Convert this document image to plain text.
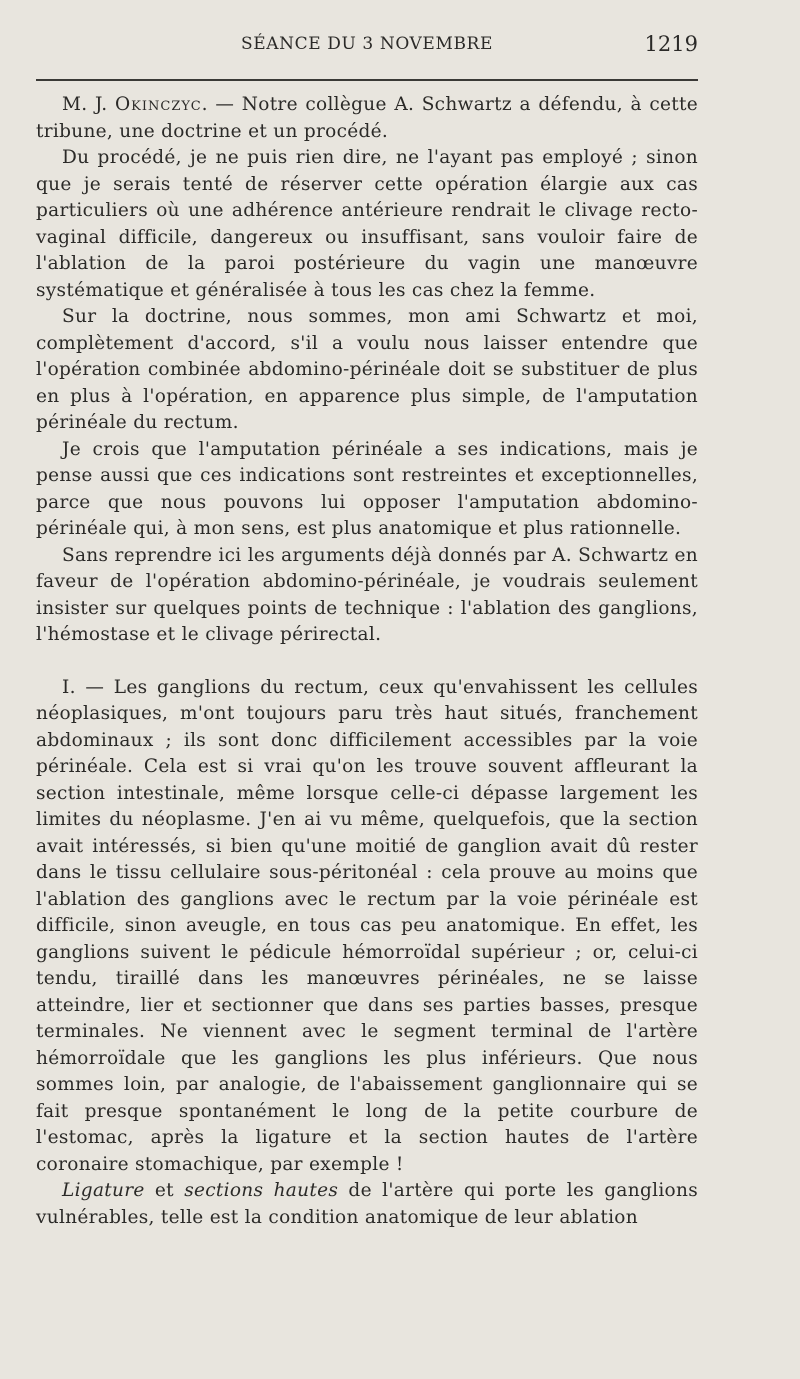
SÉANCE DU 3 NOVEMBRE	1219

M. J. Okinczyc. — Notre collègue A. Schwartz a défendu, à cette tribune, une doctrine et un procédé.

Du procédé, je ne puis rien dire, ne l'ayant pas employé ; sinon que je serais tenté de réserver cette opération élargie aux cas particuliers où une adhérence antérieure rendrait le clivage recto-vaginal difficile, dangereux ou insuffisant, sans vouloir faire de l'ablation de la paroi postérieure du vagin une manœuvre systématique et généralisée à tous les cas chez la femme.

Sur la doctrine, nous sommes, mon ami Schwartz et moi, complètement d'accord, s'il a voulu nous laisser entendre que l'opération combinée abdomino-périnéale doit se substituer de plus en plus à l'opération, en apparence plus simple, de l'amputation périnéale du rectum.

Je crois que l'amputation périnéale a ses indications, mais je pense aussi que ces indications sont restreintes et exceptionnelles, parce que nous pouvons lui opposer l'amputation abdomino-périnéale qui, à mon sens, est plus anatomique et plus rationnelle.

Sans reprendre ici les arguments déjà donnés par A. Schwartz en faveur de l'opération abdomino-périnéale, je voudrais seulement insister sur quelques points de technique : l'ablation des ganglions, l'hémostase et le clivage périrectal.

I. — Les ganglions du rectum, ceux qu'envahissent les cellules néoplasiques, m'ont toujours paru très haut situés, franchement abdominaux ; ils sont donc difficilement accessibles par la voie périnéale. Cela est si vrai qu'on les trouve souvent affleurant la section intestinale, même lorsque celle-ci dépasse largement les limites du néoplasme. J'en ai vu même, quelquefois, que la section avait intéressés, si bien qu'une moitié de ganglion avait dû rester dans le tissu cellulaire sous-péritonéal : cela prouve au moins que l'ablation des ganglions avec le rectum par la voie périnéale est difficile, sinon aveugle, en tous cas peu anatomique. En effet, les ganglions suivent le pédicule hémorroïdal supérieur ; or, celui-ci tendu, tiraillé dans les manœuvres périnéales, ne se laisse atteindre, lier et sectionner que dans ses parties basses, presque terminales. Ne viennent avec le segment terminal de l'artère hémorroïdale que les ganglions les plus inférieurs. Que nous sommes loin, par analogie, de l'abaissement ganglionnaire qui se fait presque spontanément le long de la petite courbure de l'estomac, après la ligature et la section hautes de l'artère coronaire stomachique, par exemple !

Ligature et sections hautes de l'artère qui porte les ganglions vulnérables, telle est la condition anatomique de leur ablation
